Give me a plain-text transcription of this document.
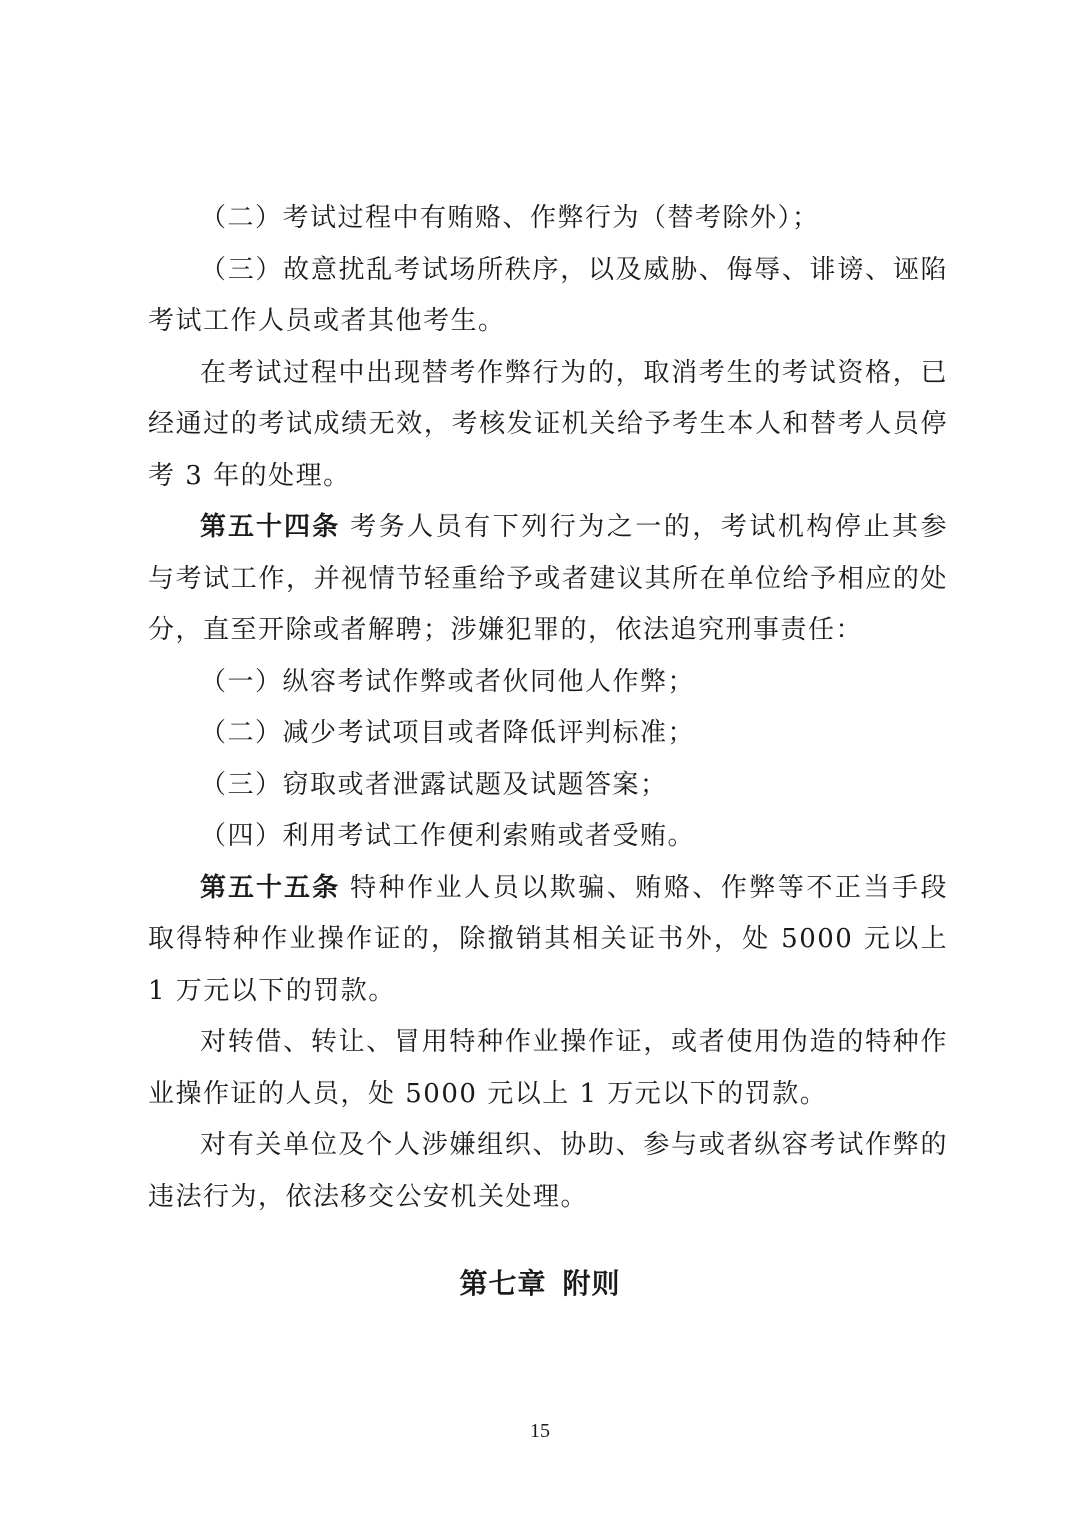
（二）考试过程中有贿赂、作弊行为（替考除外）；

（三）故意扰乱考试场所秩序，以及威胁、侮辱、诽谤、诬陷考试工作人员或者其他考生。

在考试过程中出现替考作弊行为的，取消考生的考试资格，已经通过的考试成绩无效，考核发证机关给予考生本人和替考人员停考 3 年的处理。

第五十四条 考务人员有下列行为之一的，考试机构停止其参与考试工作，并视情节轻重给予或者建议其所在单位给予相应的处分，直至开除或者解聘；涉嫌犯罪的，依法追究刑事责任：

（一）纵容考试作弊或者伙同他人作弊；

（二）减少考试项目或者降低评判标准；

（三）窃取或者泄露试题及试题答案；

（四）利用考试工作便利索贿或者受贿。

第五十五条 特种作业人员以欺骗、贿赂、作弊等不正当手段取得特种作业操作证的，除撤销其相关证书外，处 5000 元以上 1 万元以下的罚款。

对转借、转让、冒用特种作业操作证，或者使用伪造的特种作业操作证的人员，处 5000 元以上 1 万元以下的罚款。

对有关单位及个人涉嫌组织、协助、参与或者纵容考试作弊的违法行为，依法移交公安机关处理。

第七章 附则
15
